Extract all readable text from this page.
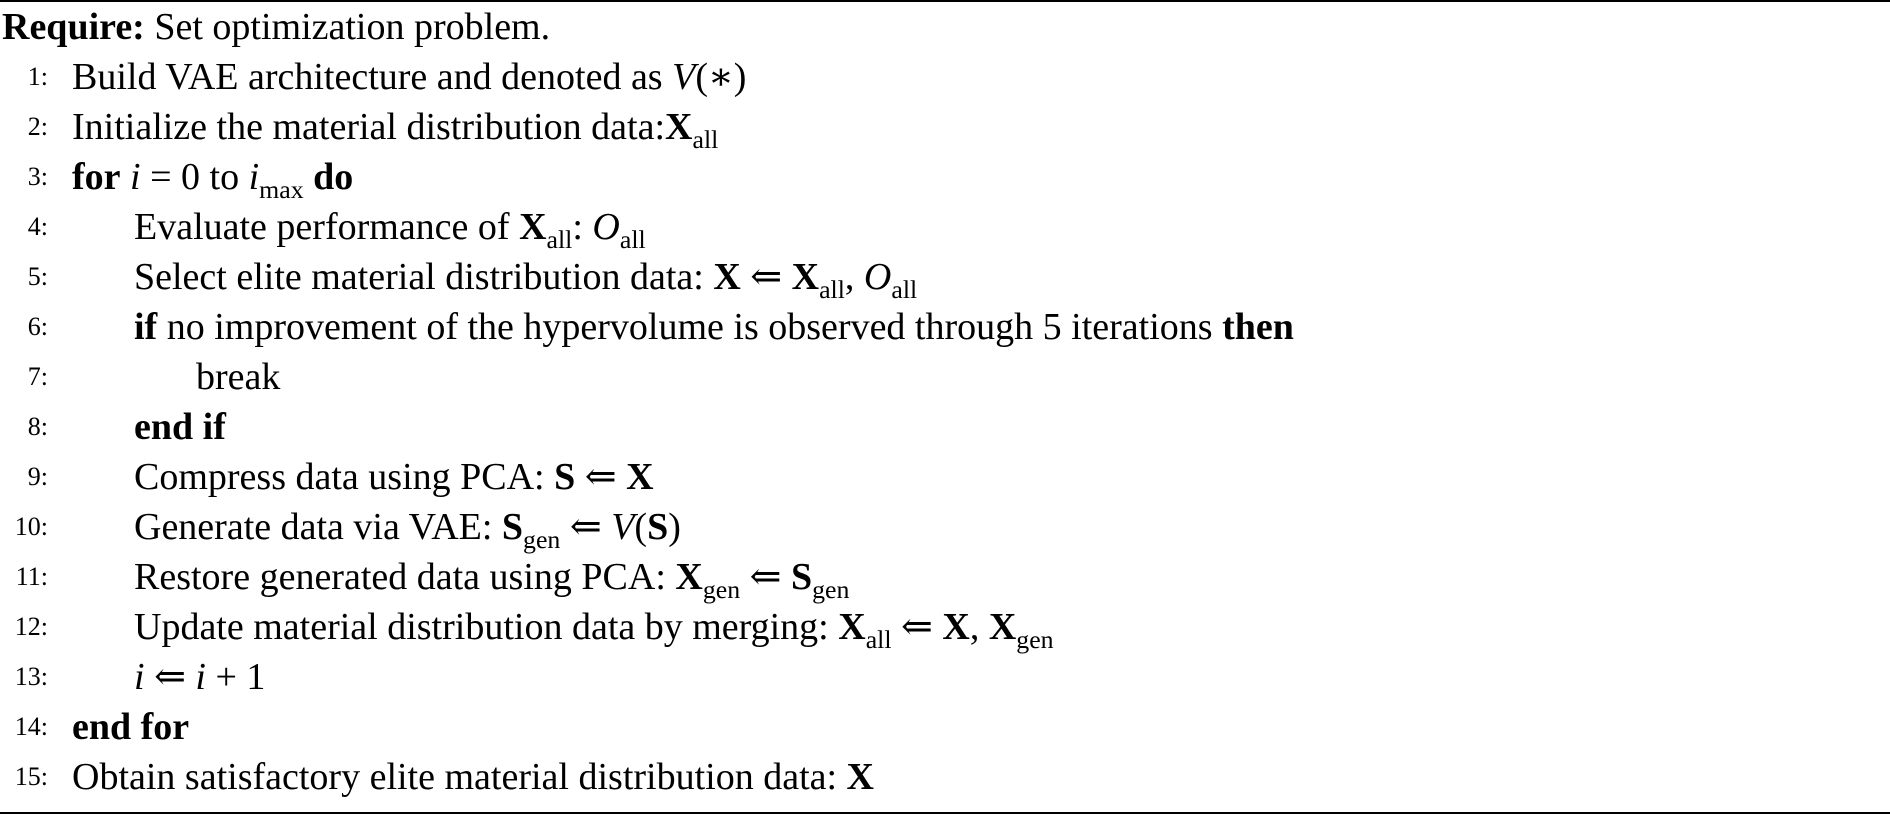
Require: Set optimization problem.
1: Build VAE architecture and denoted as V(∗)
2: Initialize the material distribution $data:X_{all}$
3: for i = 0 to $i_{max}$ do
4: Evaluate performance of $X_{all}$: $O_{all}$
5: Select elite material distribution data: X ⇐ $X_{all}$, $O_{all}$
6: if no improvement of the hypervolume is observed through 5 iterations then
7:	break
8: end if
9: Compress data using PCA: S ⇐ X
10: Generate data via VAE: $S_{gen}$ ⇐ V(S)
11: Restore generated data using PCA: $X_{gen}$ ⇐ $S_{gen}$
12: Update material distribution data by merging: $X_{all}$ ⇐ X, $X_{gen}$
13: i ⇐ i + 1
14: end for
15: Obtain satisfactory elite material distribution data: X
